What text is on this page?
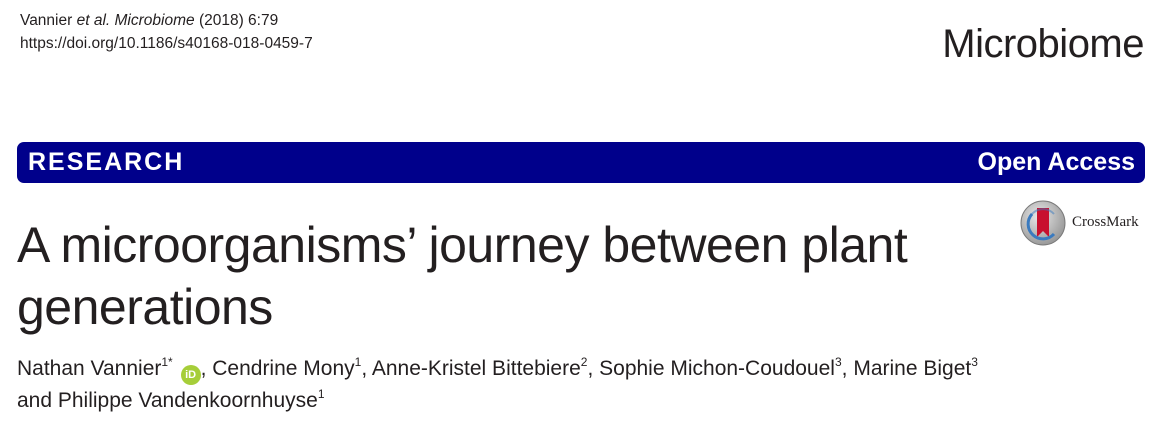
Vannier et al. Microbiome (2018) 6:79
https://doi.org/10.1186/s40168-018-0459-7	Microbiome
RESEARCH	Open Access
CrossMark
A microorganisms’ journey between plant generations
Nathan Vannier$^{1*}$ iD , Cendrine Mony$^1$, Anne-Kristel Bittebiere$^2$, Sophie Michon-Coudouel$^3$, Marine Biget$^3$
and Philippe Vandenkoornhuyse$^1$
